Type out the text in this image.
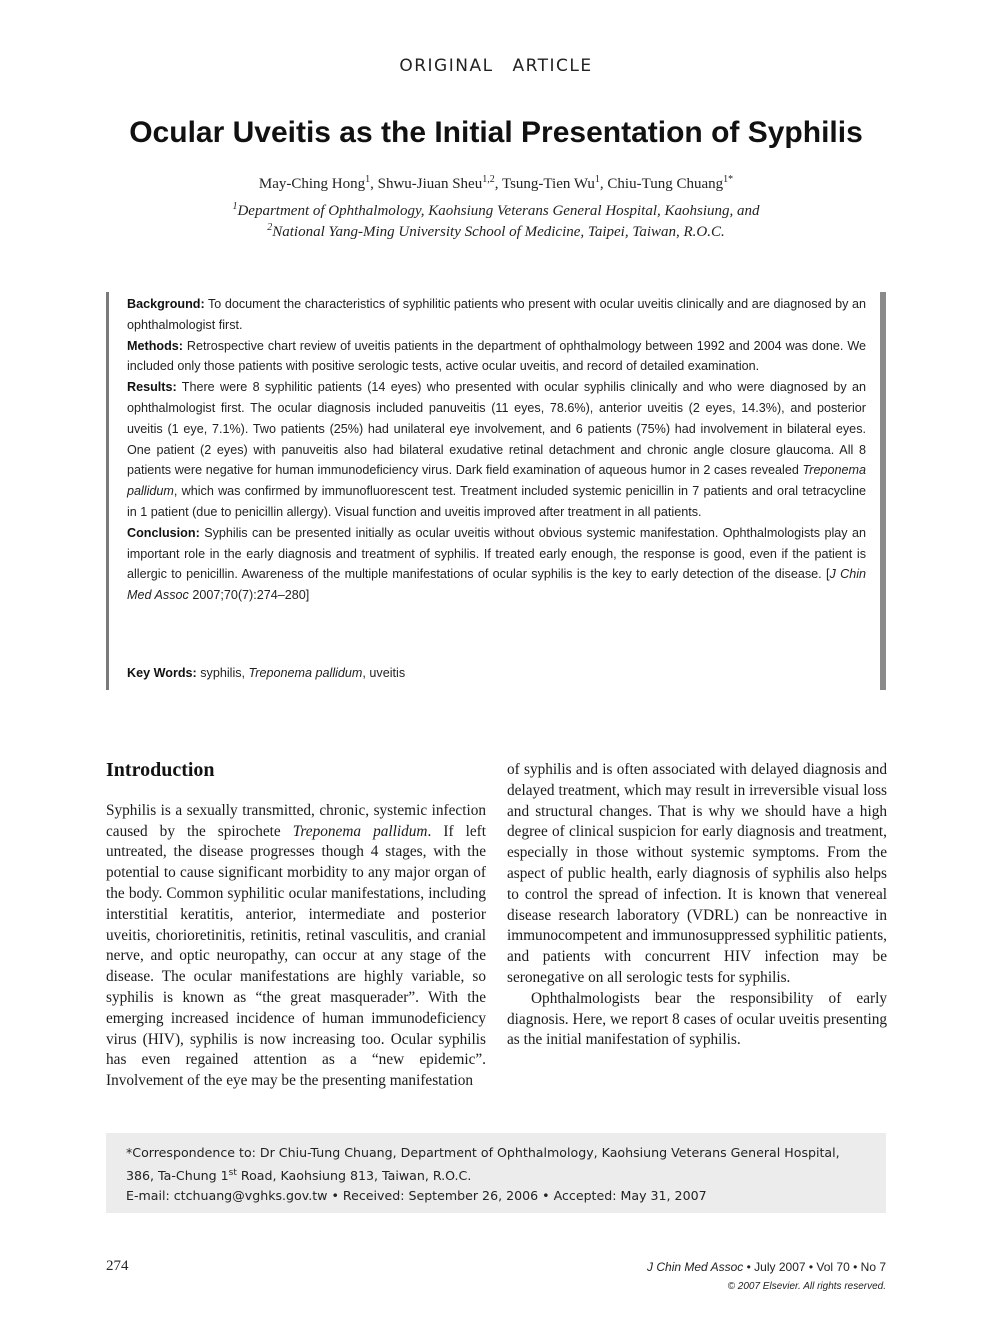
ORIGINAL ARTICLE
Ocular Uveitis as the Initial Presentation of Syphilis
May-Ching Hong$^1$, Shwu-Jiuan Sheu$^{1,2}$, Tsung-Tien Wu$^1$, Chiu-Tung Chuang$^{1*}$
$^1$Department of Ophthalmology, Kaohsiung Veterans General Hospital, Kaohsiung, and
$^2$National Yang-Ming University School of Medicine, Taipei, Taiwan, R.O.C.

Background: To document the characteristics of syphilitic patients who present with ocular uveitis clinically and are diagnosed by an ophthalmologist first.

Methods: Retrospective chart review of uveitis patients in the department of ophthalmology between 1992 and 2004 was done. We included only those patients with positive serologic tests, active ocular uveitis, and record of detailed examination.

Results: There were 8 syphilitic patients (14 eyes) who presented with ocular syphilis clinically and who were diagnosed by an ophthalmologist first. The ocular diagnosis included panuveitis (11 eyes, 78.6%), anterior uveitis (2 eyes, 14.3%), and posterior uveitis (1 eye, 7.1%). Two patients (25%) had unilateral eye involvement, and 6 patients (75%) had involvement in bilateral eyes. One patient (2 eyes) with panuveitis also had bilateral exudative retinal detachment and chronic angle closure glaucoma. All 8 patients were negative for human immunodeficiency virus. Dark field examination of aqueous humor in 2 cases revealed Treponema pallidum, which was confirmed by immunofluorescent test. Treatment included systemic penicillin in 7 patients and oral tetracycline in 1 patient (due to penicillin allergy). Visual function and uveitis improved after treatment in all patients.

Conclusion: Syphilis can be presented initially as ocular uveitis without obvious systemic manifestation. Ophthalmologists play an important role in the early diagnosis and treatment of syphilis. If treated early enough, the response is good, even if the patient is allergic to penicillin. Awareness of the multiple manifestations of ocular syphilis is the key to early detection of the disease. [J Chin Med Assoc 2007;70(7):274–280]

Key Words: syphilis, Treponema pallidum, uveitis
Introduction

Syphilis is a sexually transmitted, chronic, systemic infection caused by the spirochete Treponema pallidum. If left untreated, the disease progresses though 4 stages, with the potential to cause significant morbidity to any major organ of the body. Common syphilitic ocular manifestations, including interstitial keratitis, anterior, intermediate and posterior uveitis, chorioretinitis, retinitis, retinal vasculitis, and cranial nerve, and optic neuropathy, can occur at any stage of the disease. The ocular manifestations are highly variable, so syphilis is known as “the great masquerader”. With the emerging increased incidence of human immunodeficiency virus (HIV), syphilis is now increasing too. Ocular syphilis has even regained attention as a “new epidemic”. Involvement of the eye may be the presenting manifestation

of syphilis and is often associated with delayed diagnosis and delayed treatment, which may result in irreversible visual loss and structural changes. That is why we should have a high degree of clinical suspicion for early diagnosis and treatment, especially in those without systemic symptoms. From the aspect of public health, early diagnosis of syphilis also helps to control the spread of infection. It is known that venereal disease research laboratory (VDRL) can be nonreactive in immunocompetent and immunosuppressed syphilitic patients, and patients with concurrent HIV infection may be seronegative on all serologic tests for syphilis.

Ophthalmologists bear the responsibility of early diagnosis. Here, we report 8 cases of ocular uveitis presenting as the initial manifestation of syphilis.

*Correspondence to: Dr Chiu-Tung Chuang, Department of Ophthalmology, Kaohsiung Veterans General Hospital,
386, Ta-Chung 1st Road, Kaohsiung 813, Taiwan, R.O.C.
E-mail: ctchuang@vghks.gov.tw • Received: September 26, 2006 • Accepted: May 31, 2007
274	J Chin Med Assoc • July 2007 • Vol 70 • No 7
© 2007 Elsevier. All rights reserved.
